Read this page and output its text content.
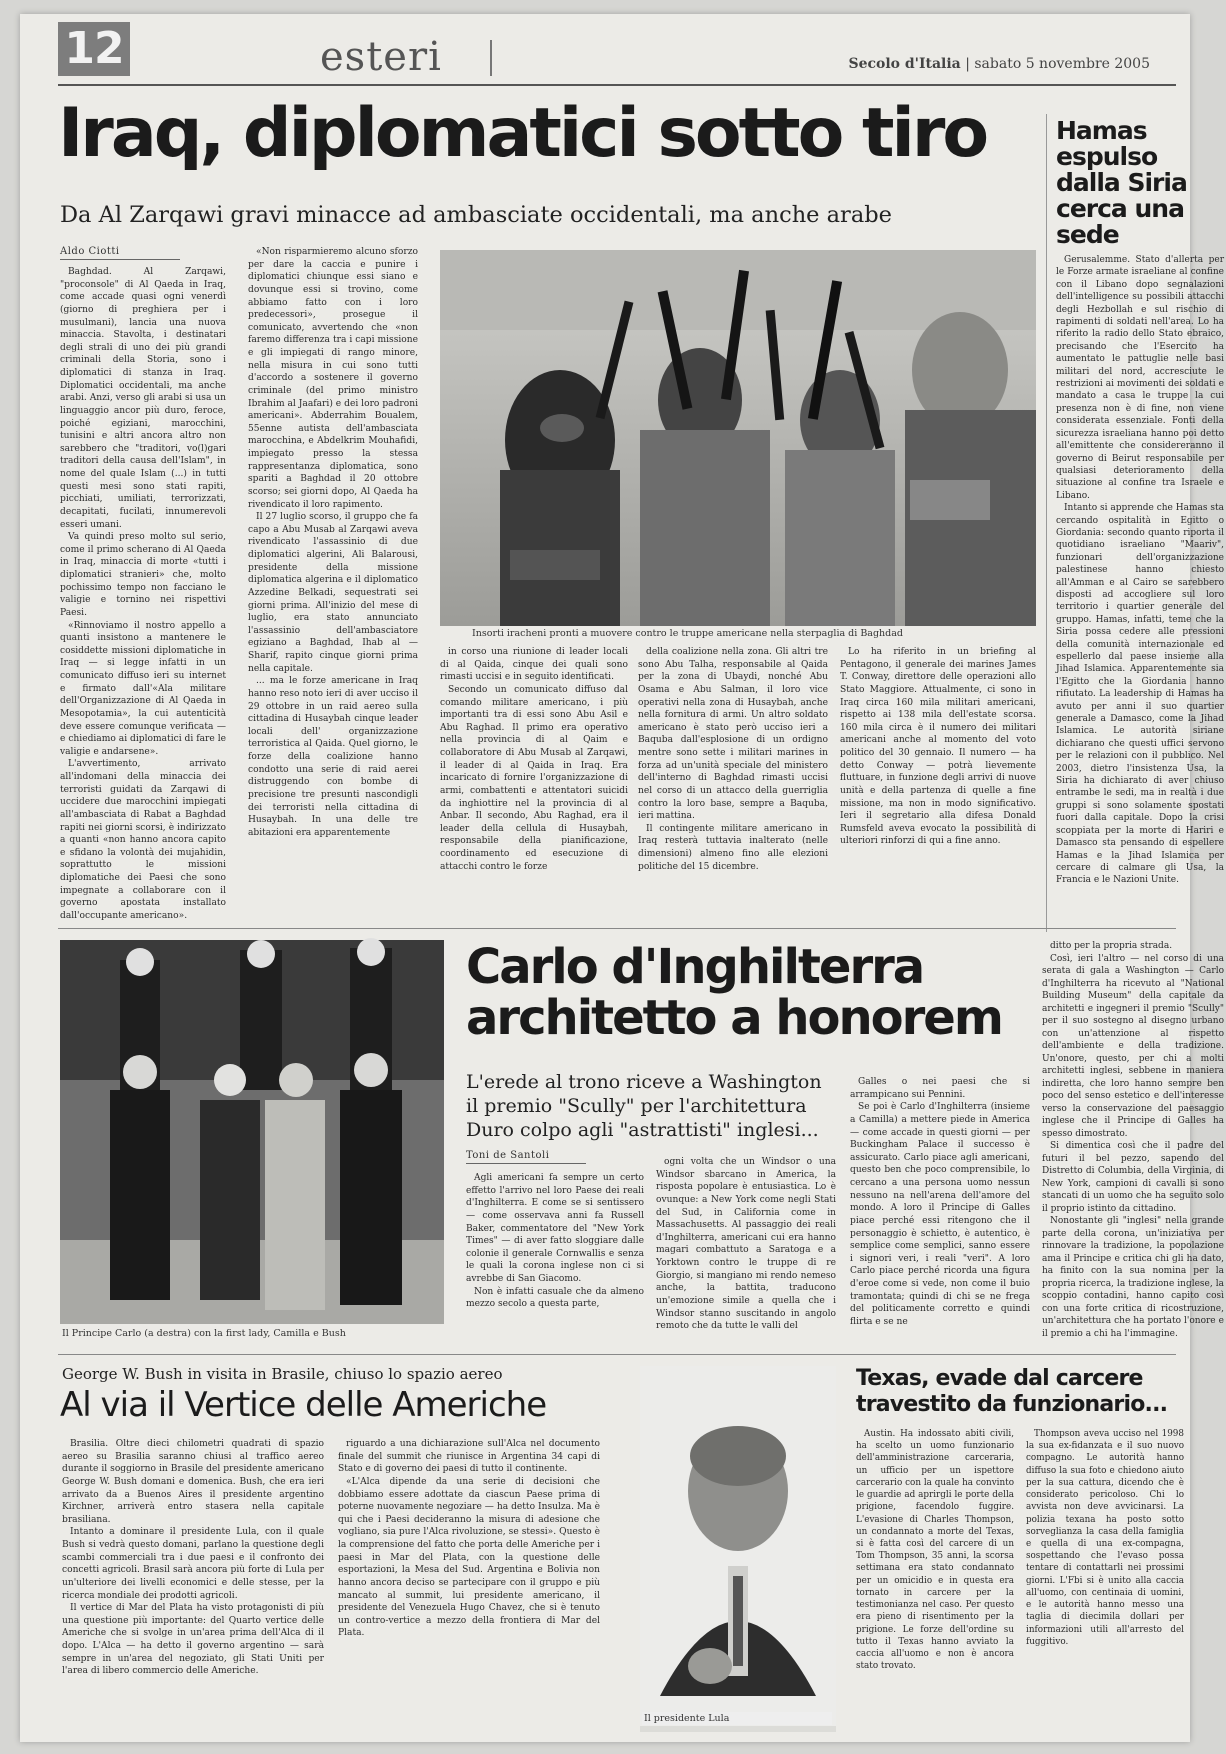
12	esteri	Secolo d'Italia | sabato 5 novembre 2005
Iraq, diplomatici sotto tiro
Da Al Zarqawi gravi minacce ad ambasciate occidentali, ma anche arabe
Aldo Ciotti

Baghdad. Al Zarqawi, "proconsole" di Al Qaeda in Iraq, come accade quasi ogni venerdì (giorno di preghiera per i musulmani), lancia una nuova minaccia. Stavolta, i destinatari degli strali di uno dei più grandi criminali della Storia, sono i diplomatici di stanza in Iraq. Diplomatici occidentali, ma anche arabi. Anzi, verso gli arabi si usa un linguaggio ancor più duro, feroce, poiché egiziani, marocchini, tunisini e altri ancora altro non sarebbero che "traditori, vo(l)gari traditori della causa dell'Islam", in nome del quale Islam (...) in tutti questi mesi sono stati rapiti, picchiati, umiliati, terrorizzati, decapitati, fucilati, innumerevoli esseri umani.

Va quindi preso molto sul serio, come il primo scherano di Al Qaeda in Iraq, minaccia di morte «tutti i diplomatici stranieri» che, molto pochissimo tempo non facciano le valigie e tornino nei rispettivi Paesi.

«Rinnoviamo il nostro appello a quanti insistono a mantenere le cosiddette missioni diplomatiche in Iraq — si legge infatti in un comunicato diffuso ieri su internet e firmato dall'«Ala militare dell'Organizzazione di Al Qaeda in Mesopotamia», la cui autenticità deve essere comunque verificata — e chiediamo ai diplomatici di fare le valigie e andarsene».

L'avvertimento, arrivato all'indomani della minaccia dei terroristi guidati da Zarqawi di uccidere due marocchini impiegati all'ambasciata di Rabat a Baghdad rapiti nei giorni scorsi, è indirizzato a quanti «non hanno ancora capito e sfidano la volontà dei mujahidin, soprattutto le missioni diplomatiche dei Paesi che sono impegnate a collaborare con il governo apostata installato dall'occupante americano».

«Non risparmieremo alcuno sforzo per dare la caccia e punire i diplomatici chiunque essi siano e dovunque essi si trovino, come abbiamo fatto con i loro predecessori», prosegue il comunicato, avvertendo che «non faremo differenza tra i capi missione e gli impiegati di rango minore, nella misura in cui sono tutti d'accordo a sostenere il governo criminale (del primo ministro Ibrahim al Jaafari) e dei loro padroni americani». Abderrahim Boualem, 55enne autista dell'ambasciata marocchina, e Abdelkrim Mouhafidi, impiegato presso la stessa rappresentanza diplomatica, sono spariti a Baghdad il 20 ottobre scorso; sei giorni dopo, Al Qaeda ha rivendicato il loro rapimento.

Il 27 luglio scorso, il gruppo che fa capo a Abu Musab al Zarqawi aveva rivendicato l'assassinio di due diplomatici algerini, Ali Balarousi, presidente della missione diplomatica algerina e il diplomatico Azzedine Belkadi, sequestrati sei giorni prima. All'inizio del mese di luglio, era stato annunciato l'assassinio dell'ambasciatore egiziano a Baghdad, Ihab al — Sharif, rapito cinque giorni prima nella capitale.

... ma le forze americane in Iraq hanno reso noto ieri di aver ucciso il 29 ottobre in un raid aereo sulla cittadina di Husaybah cinque leader locali dell' organizzazione terroristica al Qaida. Quel giorno, le forze della coalizione hanno condotto una serie di raid aerei distruggendo con bombe di precisione tre presunti nascondigli dei terroristi nella cittadina di Husaybah. In una delle tre abitazioni era apparentemente

Insorti iracheni pronti a muovere contro le truppe americane nella sterpaglia di Baghdad

in corso una riunione di leader locali di al Qaida, cinque dei quali sono rimasti uccisi e in seguito identificati.

Secondo un comunicato diffuso dal comando militare americano, i più importanti tra di essi sono Abu Asil e Abu Raghad. Il primo era operativo nella provincia di al Qaim e collaboratore di Abu Musab al Zarqawi, il leader di al Qaida in Iraq. Era incaricato di fornire l'organizzazione di armi, combattenti e attentatori suicidi da inghiottire nel la provincia di al Anbar. Il secondo, Abu Raghad, era il leader della cellula di Husaybah, responsabile della pianificazione, coordinamento ed esecuzione di attacchi contro le forze

della coalizione nella zona. Gli altri tre sono Abu Talha, responsabile al Qaida per la zona di Ubaydi, nonché Abu Osama e Abu Salman, il loro vice operativi nella zona di Husaybah, anche nella fornitura di armi. Un altro soldato americano è stato però ucciso ieri a Baquba dall'esplosione di un ordigno mentre sono sette i militari marines in forza ad un'unità speciale del ministero dell'interno di Baghdad rimasti uccisi nel corso di un attacco della guerriglia contro la loro base, sempre a Baquba, ieri mattina.

Il contingente militare americano in Iraq resterà tuttavia inalterato (nelle dimensioni) almeno fino alle elezioni politiche del 15 dicembre.

Lo ha riferito in un briefing al Pentagono, il generale dei marines James T. Conway, direttore delle operazioni allo Stato Maggiore. Attualmente, ci sono in Iraq circa 160 mila militari americani, rispetto ai 138 mila dell'estate scorsa. 160 mila circa è il numero dei militari americani anche al momento del voto politico del 30 gennaio. Il numero — ha detto Conway — potrà lievemente fluttuare, in funzione degli arrivi di nuove unità e della partenza di quelle a fine missione, ma non in modo significativo. Ieri il segretario alla difesa Donald Rumsfeld aveva evocato la possibilità di ulteriori rinforzi di qui a fine anno.

Hamas espulso dalla Siria cerca una sede

Gerusalemme. Stato d'allerta per le Forze armate israeliane al confine con il Libano dopo segnalazioni dell'intelligence su possibili attacchi degli Hezbollah e sul rischio di rapimenti di soldati nell'area. Lo ha riferito la radio dello Stato ebraico, precisando che l'Esercito ha aumentato le pattuglie nelle basi militari del nord, accresciute le restrizioni ai movimenti dei soldati e mandato a casa le truppe la cui presenza non è di fine, non viene considerata essenziale. Fonti della sicurezza israeliana hanno poi detto all'emittente che considereranno il governo di Beirut responsabile per qualsiasi deterioramento della situazione al confine tra Israele e Libano.

Intanto si apprende che Hamas sta cercando ospitalità in Egitto o Giordania: secondo quanto riporta il quotidiano israeliano "Maariv", funzionari dell'organizzazione palestinese hanno chiesto all'Amman e al Cairo se sarebbero disposti ad accogliere sul loro territorio i quartier generale del gruppo. Hamas, infatti, teme che la Siria possa cedere alle pressioni della comunità internazionale ed espellerlo dal paese insieme alla Jihad Islamica. Apparentemente sia l'Egitto che la Giordania hanno rifiutato. La leadership di Hamas ha avuto per anni il suo quartier generale a Damasco, come la Jihad Islamica. Le autorità siriane dichiarano che questi uffici servono per le relazioni con il pubblico. Nel 2003, dietro l'insistenza Usa, la Siria ha dichiarato di aver chiuso entrambe le sedi, ma in realtà i due gruppi si sono solamente spostati fuori dalla capitale. Dopo la crisi scoppiata per la morte di Hariri e Damasco sta pensando di espellere Hamas e la Jihad Islamica per cercare di calmare gli Usa, la Francia e le Nazioni Unite.

Il Principe Carlo (a destra) con la first lady, Camilla e Bush
Carlo d'Inghilterra
architetto a honorem
L'erede al trono riceve a Washington
il premio "Scully" per l'architettura
Duro colpo agli "astrattisti" inglesi...
Toni de Santoli

Agli americani fa sempre un certo effetto l'arrivo nel loro Paese dei reali d'Inghilterra. E come se si sentissero — come osservava anni fa Russell Baker, commentatore del "New York Times" — di aver fatto sloggiare dalle colonie il generale Cornwallis e senza le quali la corona inglese non ci si avrebbe di San Giacomo.

Non è infatti casuale che da almeno mezzo secolo a questa parte,

ogni volta che un Windsor o una Windsor sbarcano in America, la risposta popolare è entusiastica. Lo è ovunque: a New York come negli Stati del Sud, in California come in Massachusetts. Al passaggio dei reali d'Inghilterra, americani cui era hanno magari combattuto a Saratoga e a Yorktown contro le truppe di re Giorgio, si mangiano mi rendo nemeso anche, la battita, traducono un'emozione simile a quella che i Windsor stanno suscitando in angolo remoto che da tutte le valli del

Galles o nei paesi che si arrampicano sui Pennini.

Se poi è Carlo d'Inghilterra (insieme a Camilla) a mettere piede in America — come accade in questi giorni — per Buckingham Palace il successo è assicurato. Carlo piace agli americani, questo ben che poco comprensibile, lo cercano a una persona uomo nessun nessuno na nell'arena dell'amore del mondo. A loro il Principe di Galles piace perché essi ritengono che il personaggio è schietto, è autentico, è semplice come semplici, sanno essere i signori veri, i reali "veri". A loro Carlo piace perché ricorda una figura d'eroe come si vede, non come il buio tramontata; quindi di chi se ne frega del politicamente corretto e quindi flirta e se ne

ditto per la propria strada.

Così, ieri l'altro — nel corso di una serata di gala a Washington — Carlo d'Inghilterra ha ricevuto al "National Building Museum" della capitale da architetti e ingegneri il premio "Scully" per il suo sostegno al disegno urbano con un'attenzione al rispetto dell'ambiente e della tradizione. Un'onore, questo, per chi a molti architetti inglesi, sebbene in maniera indiretta, che loro hanno sempre ben poco del senso estetico e dell'interesse verso la conservazione del paesaggio inglese che il Principe di Galles ha spesso dimostrato.

Si dimentica così che il padre del futuri il bel pezzo, sapendo del Distretto di Columbia, della Virginia, di New York, campioni di cavalli si sono stancati di un uomo che ha seguito solo il proprio istinto da cittadino.

Nonostante gli "inglesi" nella grande parte della corona, un'iniziativa per rinnovare la tradizione, la popolazione ama il Principe e critica chi gli ha dato, ha finito con la sua nomina per la propria ricerca, la tradizione inglese, la scoppio contadini, hanno capito così con una forte critica di ricostruzione, un'architettura che ha portato l'onore e il premio a chi ha l'immagine.

George W. Bush in visita in Brasile, chiuso lo spazio aereo
Al via il Vertice delle Americhe

Brasilia. Oltre dieci chilometri quadrati di spazio aereo su Brasilia saranno chiusi al traffico aereo durante il soggiorno in Brasile del presidente americano George W. Bush domani e domenica. Bush, che era ieri arrivato da a Buenos Aires il presidente argentino Kirchner, arriverà entro stasera nella capitale brasiliana.

Intanto a dominare il presidente Lula, con il quale Bush si vedrà questo domani, parlano la questione degli scambi commerciali tra i due paesi e il confronto dei concetti agricoli. Brasil sarà ancora più forte di Lula per un'ulteriore dei livelli economici e delle stesse, per la ricerca mondiale dei prodotti agricoli.

Il vertice di Mar del Plata ha visto protagonisti di più una questione più importante: del Quarto vertice delle Americhe che si svolge in un'area prima dell'Alca di il dopo. L'Alca — ha detto il governo argentino — sarà sempre in un'area del negoziato, gli Stati Uniti per l'area di libero commercio delle Americhe.

riguardo a una dichiarazione sull'Alca nel documento finale del summit che riunisce in Argentina 34 capi di Stato e di governo dei paesi di tutto il continente.

«L'Alca dipende da una serie di decisioni che dobbiamo essere adottate da ciascun Paese prima di poterne nuovamente negoziare — ha detto Insulza. Ma è qui che i Paesi decideranno la misura di adesione che vogliano, sia pure l'Alca rivoluzione, se stessi». Questo è la comprensione del fatto che porta delle Americhe per i paesi in Mar del Plata, con la questione delle esportazioni, la Mesa del Sud. Argentina e Bolivia non hanno ancora deciso se partecipare con il gruppo e più mancato al summit, lui presidente americano, il presidente del Venezuela Hugo Chavez, che si è tenuto un contro-vertice a mezzo della frontiera di Mar del Plata.

Il presidente Lula
Texas, evade dal carcere
travestito da funzionario...

Austin. Ha indossato abiti civili, ha scelto un uomo funzionario dell'amministrazione carceraria, un ufficio per un ispettore carcerario con la quale ha convinto le guardie ad aprirgli le porte della prigione, facendolo fuggire. L'evasione di Charles Thompson, un condannato a morte del Texas, si è fatta così del carcere di un Tom Thompson, 35 anni, la scorsa settimana era stato condannato per un omicidio e in questa era tornato in carcere per la testimonianza nel caso. Per questo era pieno di risentimento per la prigione. Le forze dell'ordine su tutto il Texas hanno avviato la caccia all'uomo e non è ancora stato trovato.

Thompson aveva ucciso nel 1998 la sua ex-fidanzata e il suo nuovo compagno. Le autorità hanno diffuso la sua foto e chiedono aiuto per la sua cattura, dicendo che è considerato pericoloso. Chi lo avvista non deve avvicinarsi. La polizia texana ha posto sotto sorveglianza la casa della famiglia e quella di una ex-compagna, sospettando che l'evaso possa tentare di contattarli nei prossimi giorni. L'Fbi si è unito alla caccia all'uomo, con centinaia di uomini, e le autorità hanno messo una taglia di diecimila dollari per informazioni utili all'arresto del fuggitivo.
